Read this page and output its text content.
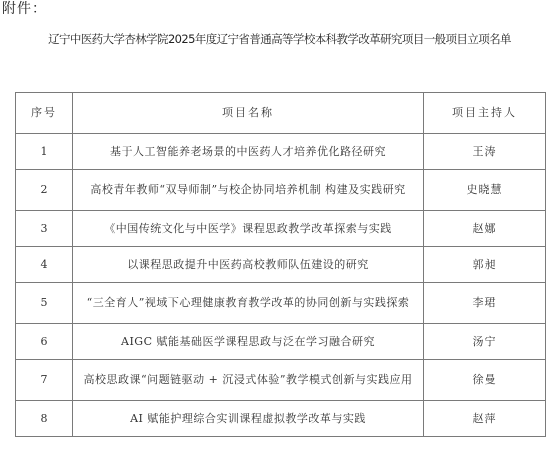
附件：
辽宁中医药大学杏林学院2025年度辽宁省普通高等学校本科教学改革研究项目一般项目立项名单
序号	项目名称	项目主持人
1	基于人工智能养老场景的中医药人才培养优化路径研究	王涛
2	高校青年教师“双导师制”与校企协同培养机制 构建及实践研究	史晓慧
3	《中国传统文化与中医学》课程思政教学改革探索与实践	赵娜
4	以课程思政提升中医药高校教师队伍建设的研究	郭昶
5	“三全育人”视域下心理健康教育教学改革的协同创新与实践探索	李珺
6	AIGC 赋能基础医学课程思政与泛在学习融合研究	汤宁
7	高校思政课“问题链驱动 + 沉浸式体验”教学模式创新与实践应用	徐曼
8	AI 赋能护理综合实训课程虚拟教学改革与实践	赵萍
